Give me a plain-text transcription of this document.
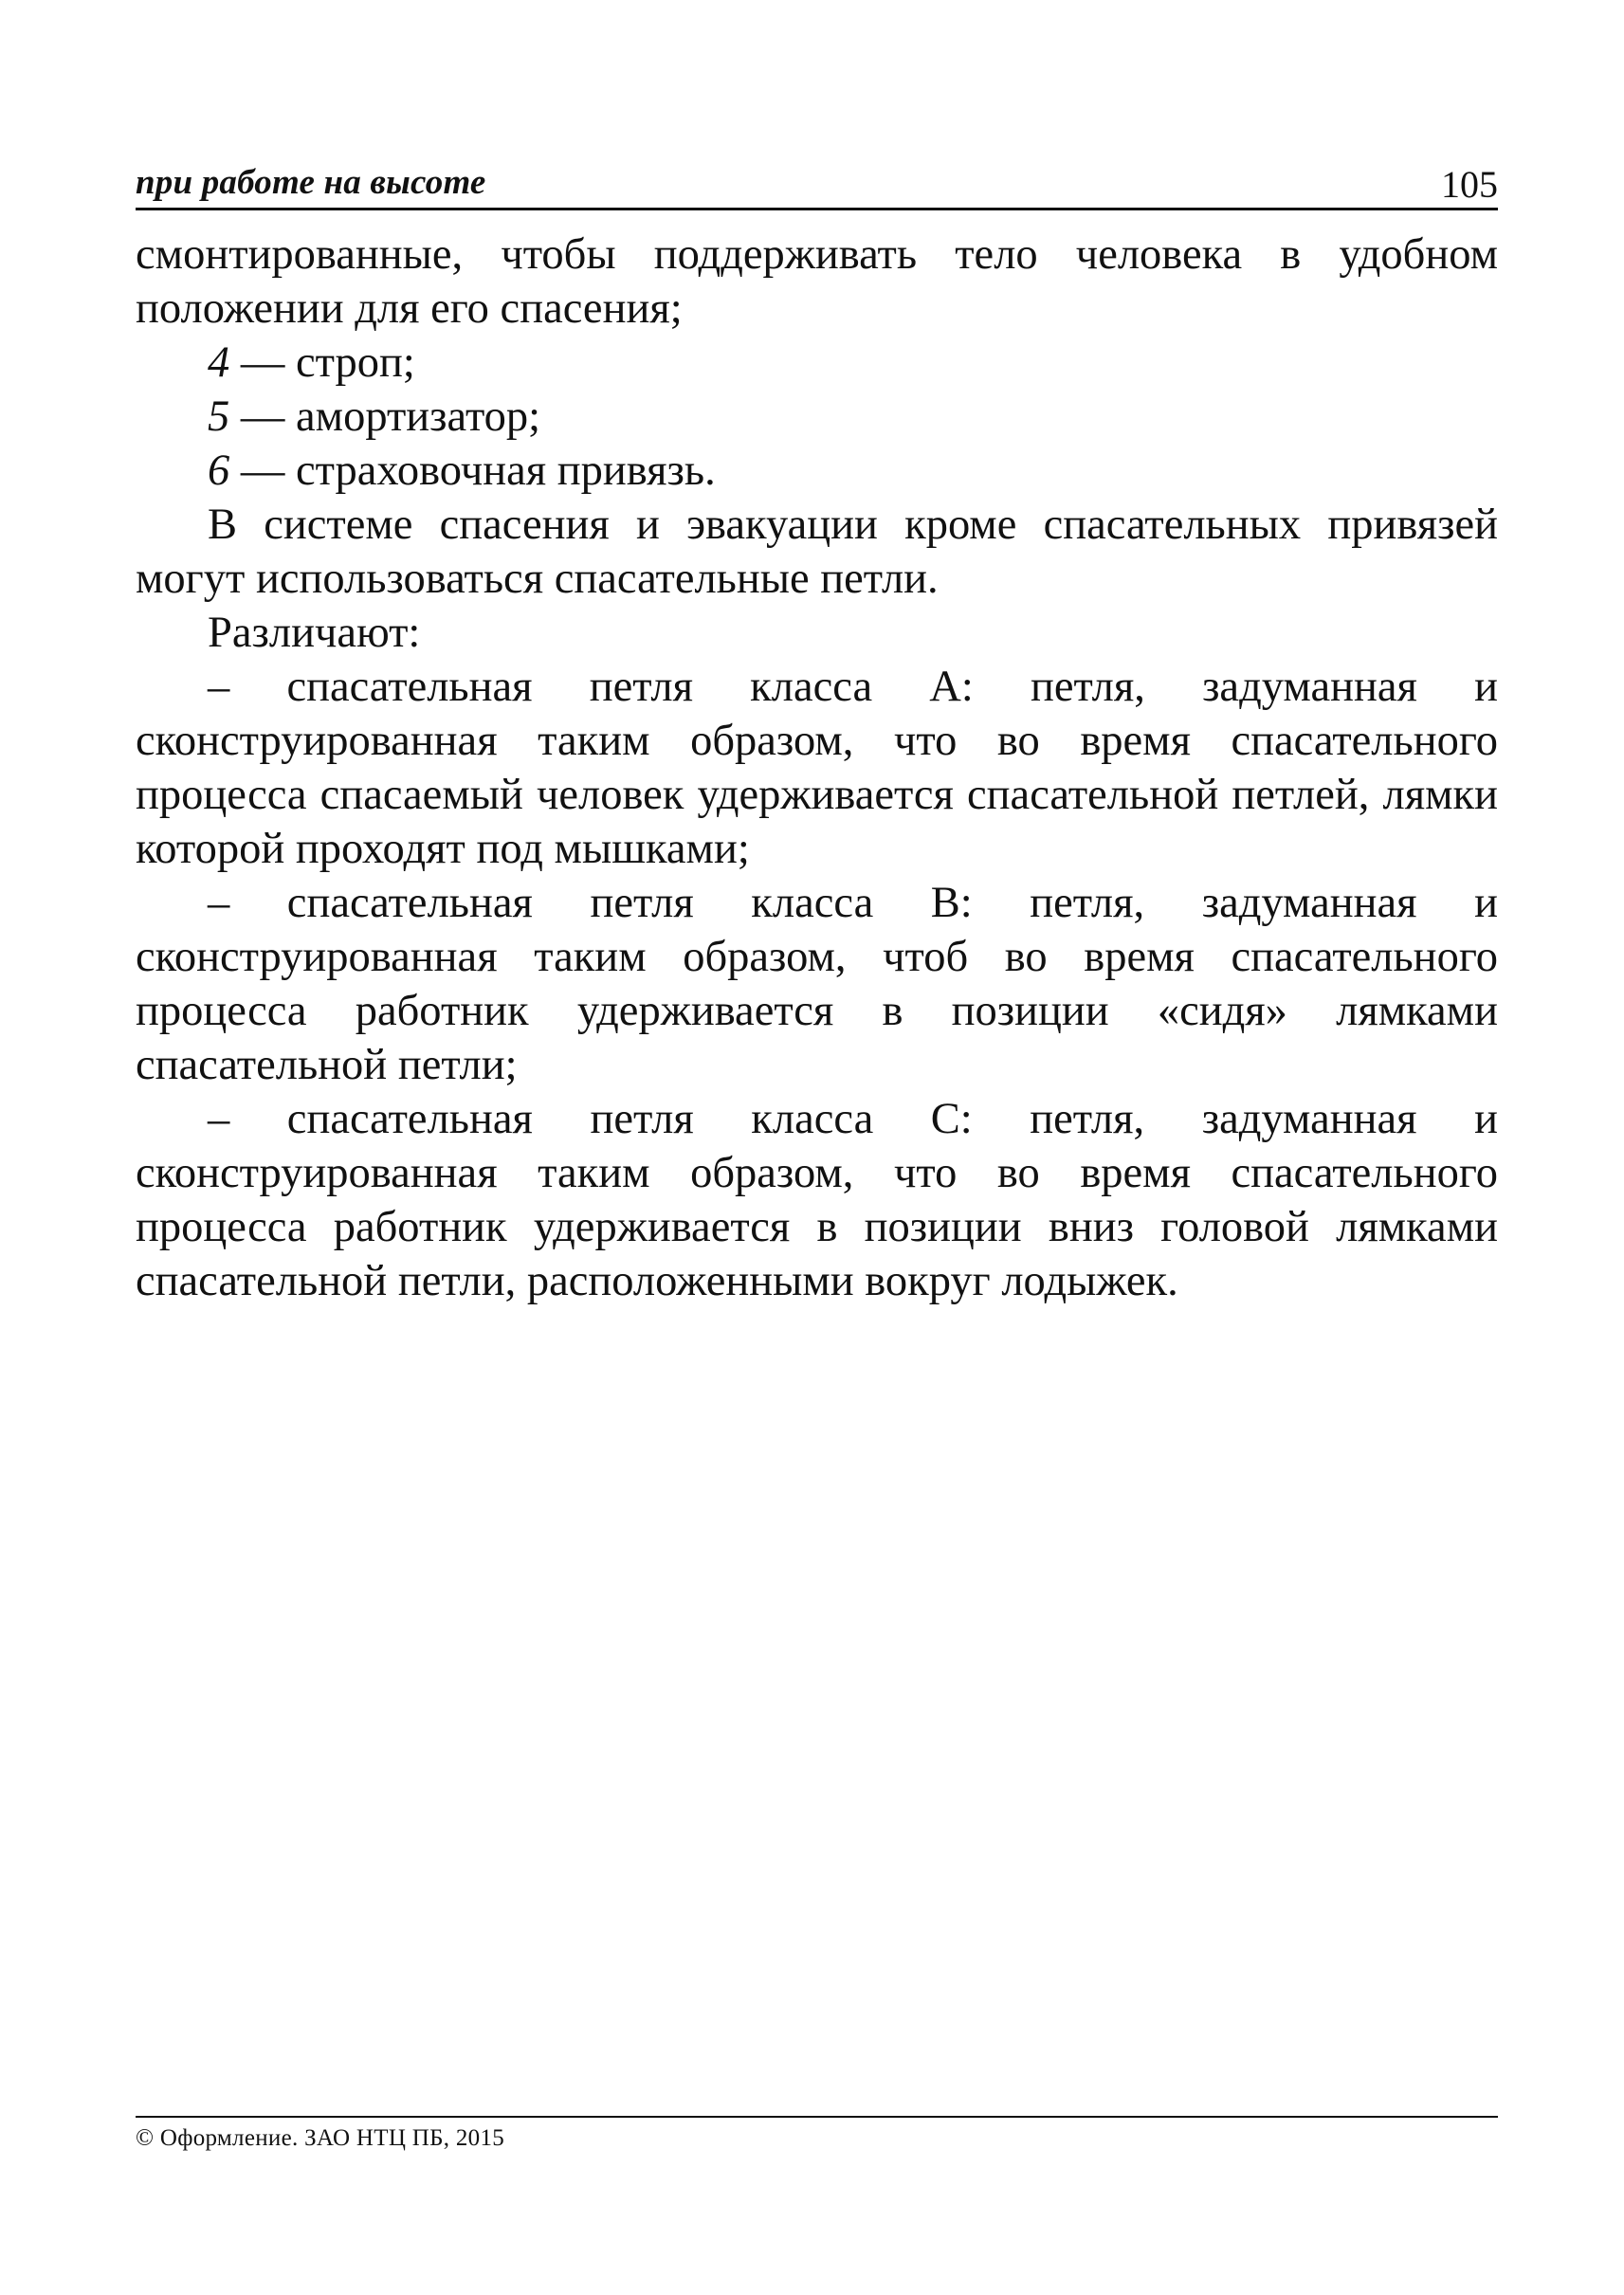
при работе на высоте	105

смонтированные, чтобы поддерживать тело человека в удобном положении для его спасения;

4 — строп;

5 — амортизатор;

6 — страховочная привязь.

В системе спасения и эвакуации кроме спасательных привязей могут использоваться спасательные петли.

Различают:

– спасательная петля класса А: петля, задуманная и сконструированная таким образом, что во время спасательного процесса спасаемый человек удерживается спасательной петлей, лямки которой проходят под мышками;

– спасательная петля класса В: петля, задуманная и сконструированная таким образом, чтоб во время спасательного процесса работник удерживается в позиции «сидя» лямками спасательной петли;

– спасательная петля класса С: петля, задуманная и сконструированная таким образом, что во время спасательного процесса работник удерживается в позиции вниз головой лямками спасательной петли, расположенными вокруг лодыжек.

© Оформление. ЗАО НТЦ ПБ, 2015
